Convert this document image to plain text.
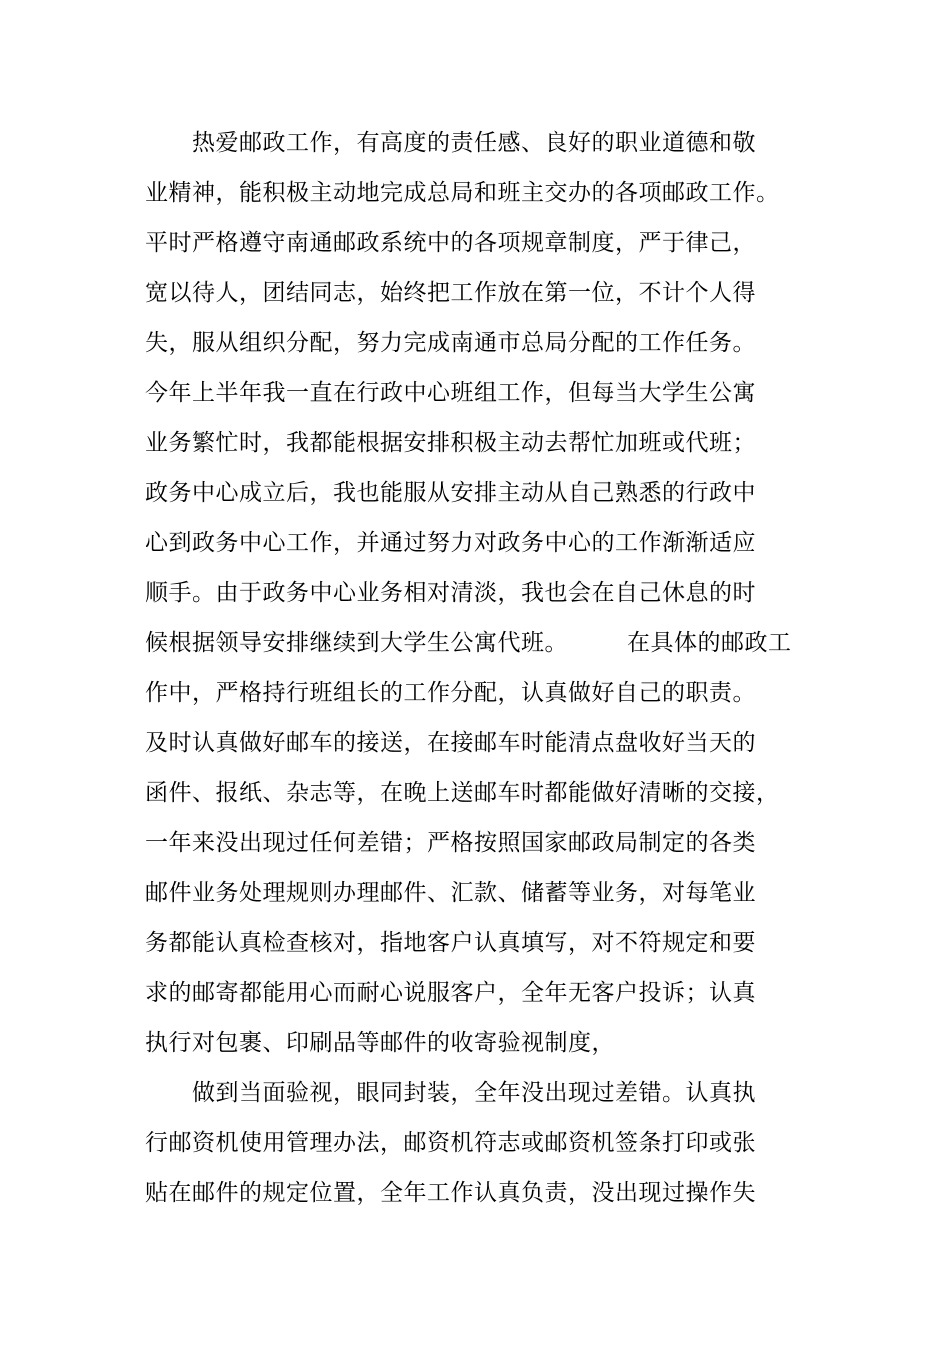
热爱邮政工作，有高度的责任感、良好的职业道德和敬
业精神，能积极主动地完成总局和班主交办的各项邮政工作。
平时严格遵守南通邮政系统中的各项规章制度，严于律己，
宽以待人，团结同志，始终把工作放在第一位，不计个人得
失，服从组织分配，努力完成南通市总局分配的工作任务。
今年上半年我一直在行政中心班组工作，但每当大学生公寓
业务繁忙时，我都能根据安排积极主动去帮忙加班或代班；
政务中心成立后，我也能服从安排主动从自己熟悉的行政中
心到政务中心工作，并通过努力对政务中心的工作渐渐适应
顺手。由于政务中心业务相对清淡，我也会在自己休息的时
候根据领导安排继续到大学生公寓代班。　　　在具体的邮政工
作中，严格持行班组长的工作分配，认真做好自己的职责。
及时认真做好邮车的接送，在接邮车时能清点盘收好当天的
函件、报纸、杂志等，在晚上送邮车时都能做好清晰的交接，
一年来没出现过任何差错；严格按照国家邮政局制定的各类
邮件业务处理规则办理邮件、汇款、储蓄等业务，对每笔业
务都能认真检查核对，指地客户认真填写，对不符规定和要
求的邮寄都能用心而耐心说服客户，全年无客户投诉；认真
执行对包裹、印刷品等邮件的收寄验视制度，
做到当面验视，眼同封装，全年没出现过差错。认真执
行邮资机使用管理办法，邮资机符志或邮资机签条打印或张
贴在邮件的规定位置，全年工作认真负责，没出现过操作失
